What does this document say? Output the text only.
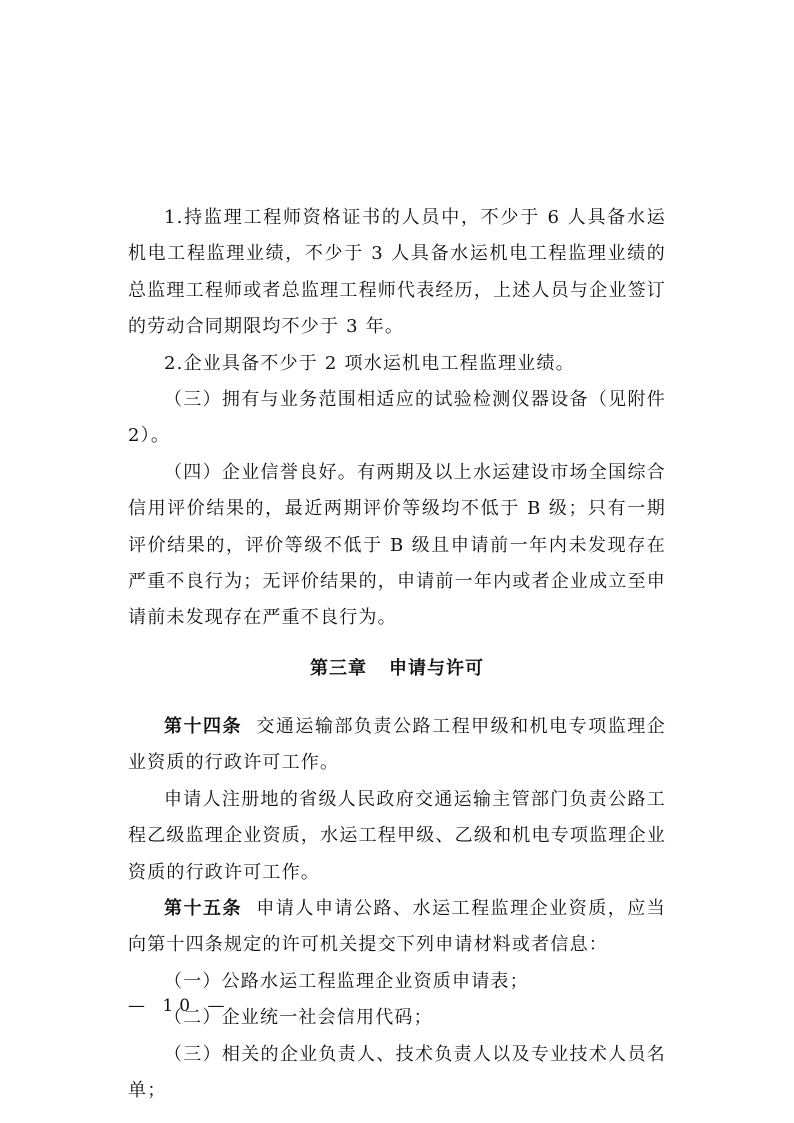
1.持监理工程师资格证书的人员中，不少于 6 人具备水运机电工程监理业绩，不少于 3 人具备水运机电工程监理业绩的总监理工程师或者总监理工程师代表经历，上述人员与企业签订的劳动合同期限均不少于 3 年。

2.企业具备不少于 2 项水运机电工程监理业绩。

（三）拥有与业务范围相适应的试验检测仪器设备（见附件 2）。

（四）企业信誉良好。有两期及以上水运建设市场全国综合信用评价结果的，最近两期评价等级均不低于 B 级；只有一期评价结果的，评价等级不低于 B 级且申请前一年内未发现存在严重不良行为；无评价结果的，申请前一年内或者企业成立至申请前未发现存在严重不良行为。

第三章 申请与许可

第十四条 交通运输部负责公路工程甲级和机电专项监理企业资质的行政许可工作。

申请人注册地的省级人民政府交通运输主管部门负责公路工程乙级监理企业资质，水运工程甲级、乙级和机电专项监理企业资质的行政许可工作。

第十五条 申请人申请公路、水运工程监理企业资质，应当向第十四条规定的许可机关提交下列申请材料或者信息：

（一）公路水运工程监理企业资质申请表；

（二）企业统一社会信用代码；

（三）相关的企业负责人、技术负责人以及专业技术人员名单；

— 10 —
